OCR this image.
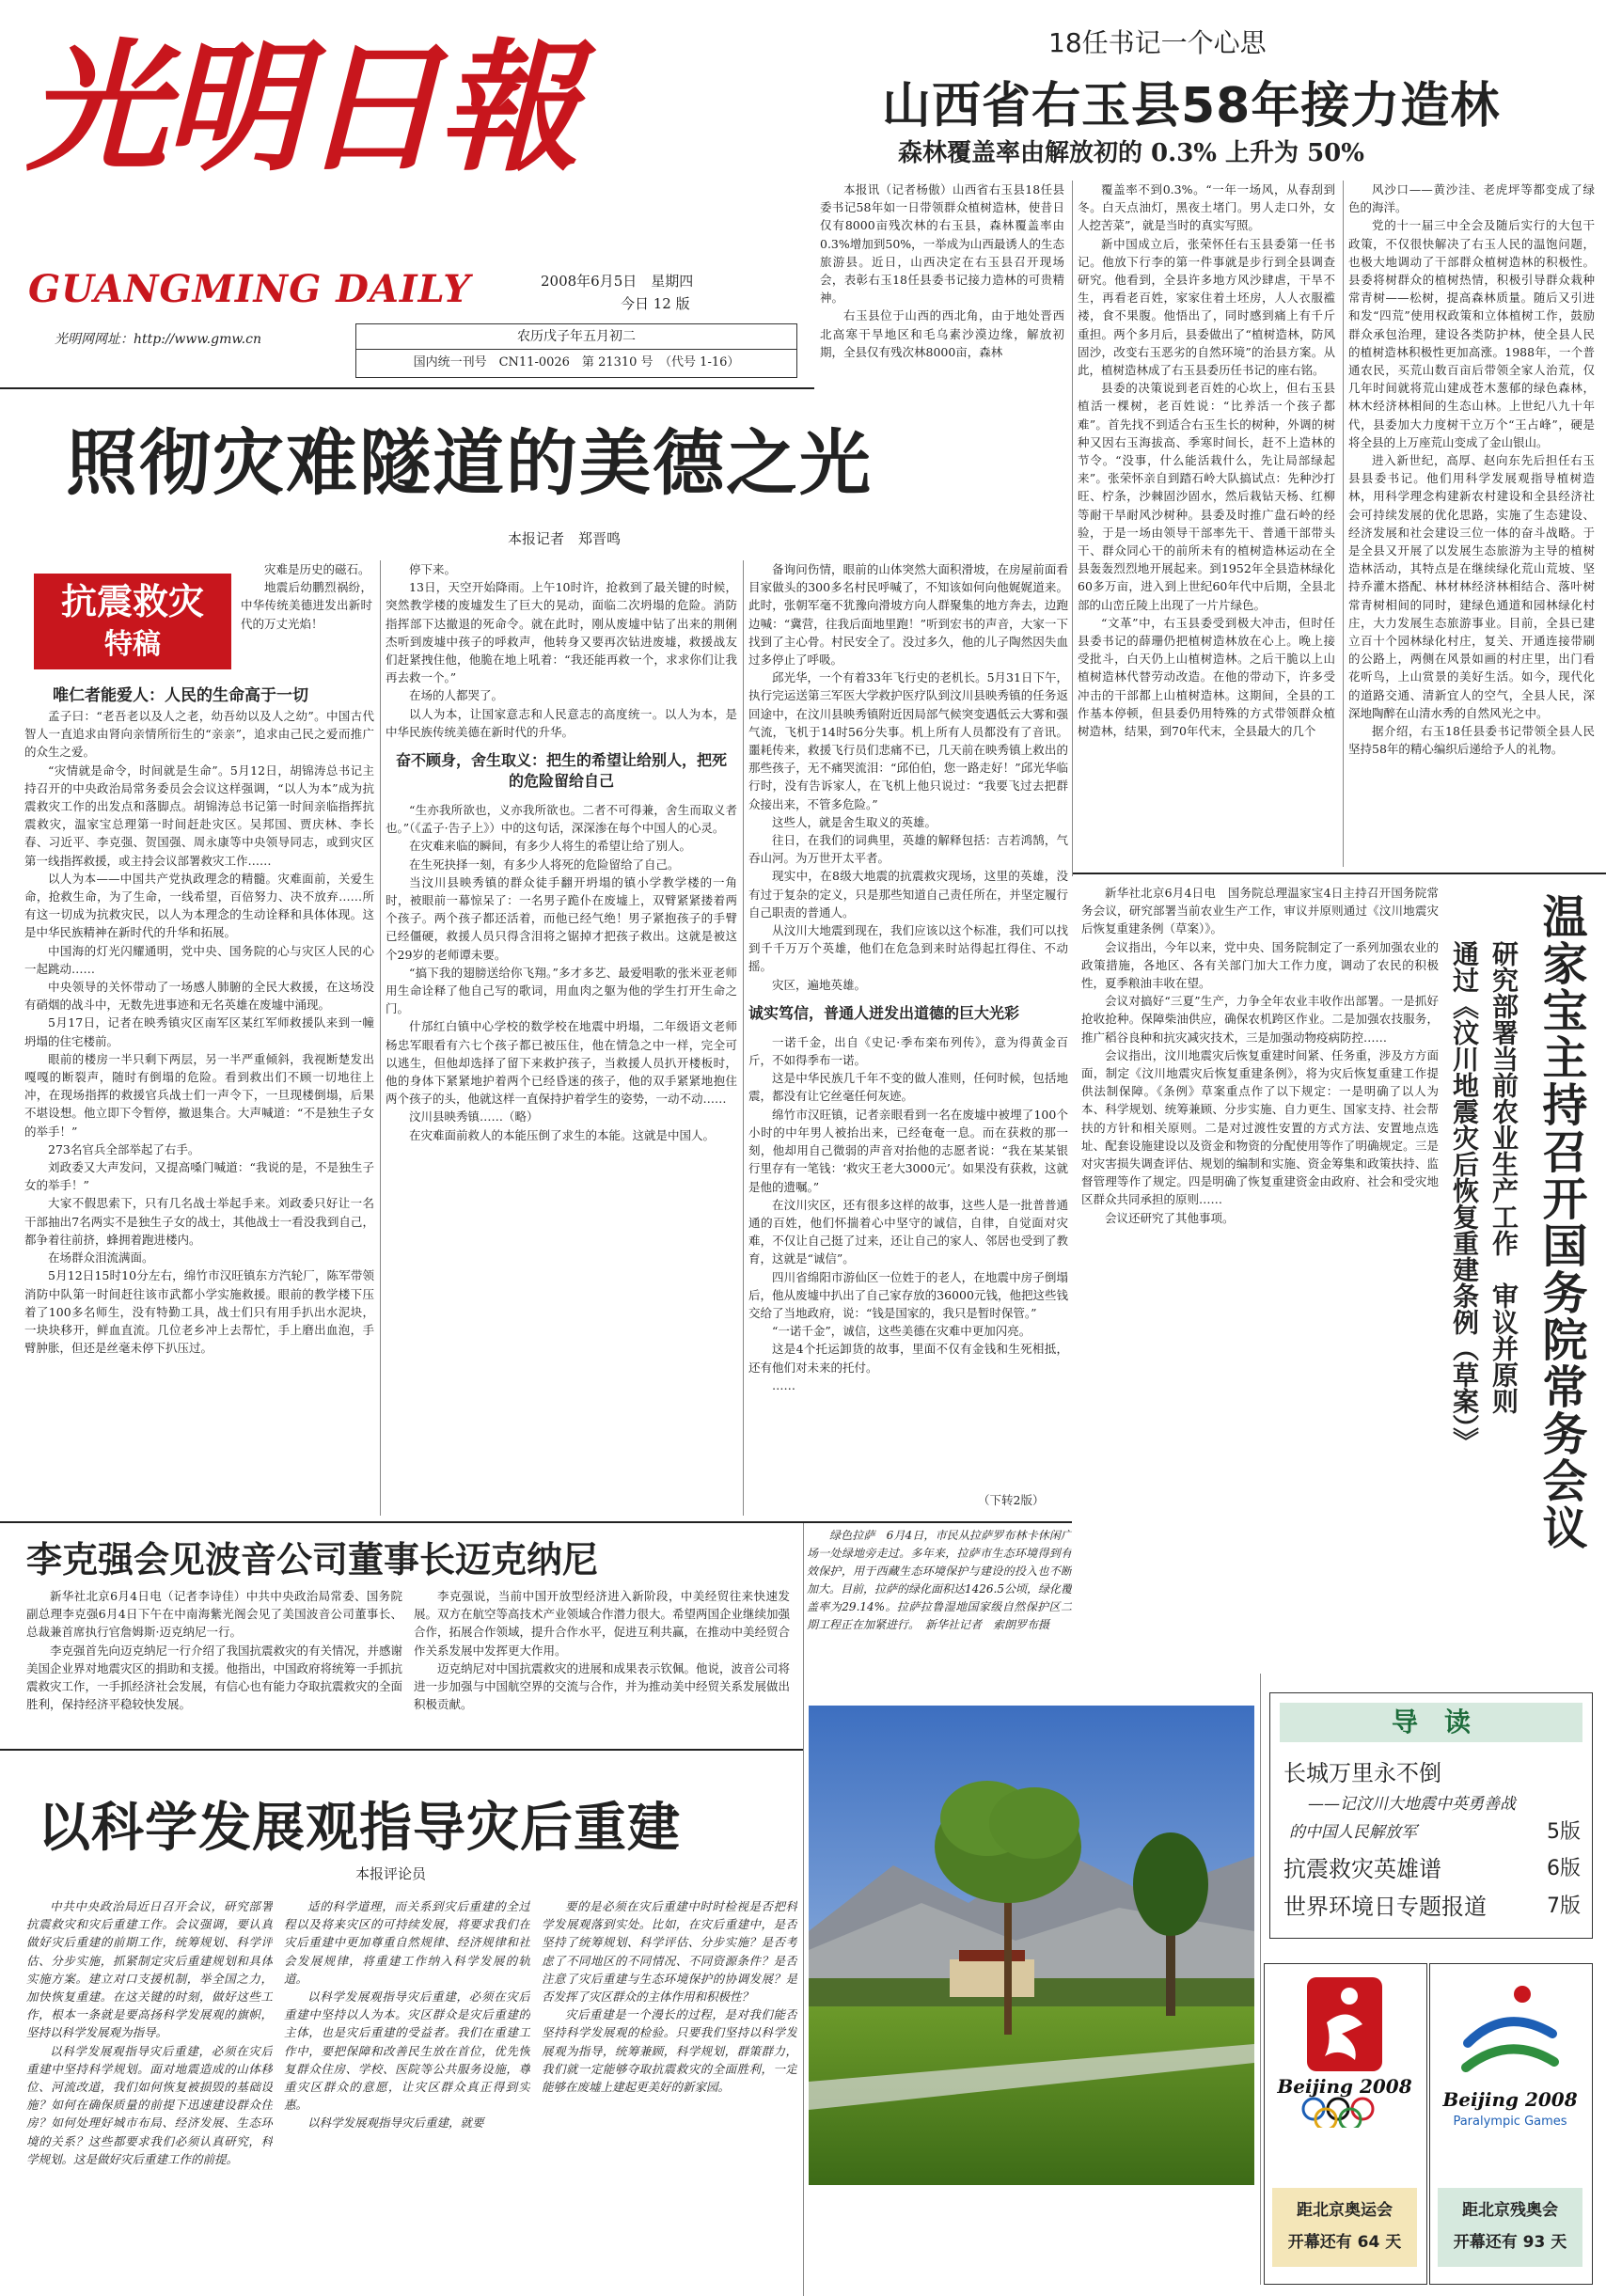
光明日報
GUANGMING DAILY	2008年6月5日　星期四
今日 12 版
光明网网址：http://www.gmw.cn	农历戊子年五月初二
国内统一刊号　CN11-0026　第 21310 号　（代号 1-16）
18任书记一个心思
山西省右玉县58年接力造林
森林覆盖率由解放初的 0.3% 上升为 50%

本报讯（记者杨傲）山西省右玉县18任县委书记58年如一日带领群众植树造林，使昔日仅有8000亩残次林的右玉县，森林覆盖率由0.3%增加到50%，一举成为山西最诱人的生态旅游县。近日，山西决定在右玉县召开现场会，表彰右玉18任县委书记接力造林的可贵精神。

右玉县位于山西的西北角，由于地处晋西北高寒干旱地区和毛乌素沙漠边缘，解放初期，全县仅有残次林8000亩，森林

覆盖率不到0.3%。“一年一场风，从春刮到冬。白天点油灯，黑夜土堵门。男人走口外，女人挖苦菜”，就是当时的真实写照。

新中国成立后，张荣怀任右玉县委第一任书记。他放下行李的第一件事就是步行到全县调查研究。他看到，全县许多地方风沙肆虐，干旱不生，再看老百姓，家家住着土坯房，人人衣服褴褛，食不果腹。他悟出了，同时感到痛上有千斤重担。两个多月后，县委做出了“植树造林，防风固沙，改变右玉恶劣的自然环境”的治县方案。从此，植树造林成了右玉县委历任书记的座右铭。

县委的决策说到老百姓的心坎上，但右玉县植活一棵树，老百姓说：“比养活一个孩子都难”。首先找不到适合右玉生长的树种，外调的树种又因右玉海拔高、季寒时间长，赶不上造林的节令。“没事，什么能活栽什么，先让局部绿起来”。张荣怀亲自到踏石岭大队搞试点：先种沙打旺、柠条，沙棘固沙固水，然后栽钻天杨、红柳等耐干旱耐风沙树种。县委及时推广盘石岭的经验，于是一场由领导干部率先干、普通干部带头干、群众同心干的前所未有的植树造林运动在全县轰轰烈烈地开展起来。到1952年全县造林绿化60多万亩，进入到上世纪60年代中后期，全县北部的山峦丘陵上出现了一片片绿色。

“文革”中，右玉县委受到极大冲击，但时任县委书记的薛珊仍把植树造林放在心上。晚上接受批斗，白天仍上山植树造林。之后干脆以上山植树造林代替劳动改造。在他的带动下，许多受冲击的干部都上山植树造林。这期间，全县的工作基本停顿，但县委仍用特殊的方式带领群众植树造林，结果，到70年代末，全县最大的几个

风沙口——黄沙洼、老虎坪等都变成了绿色的海洋。

党的十一届三中全会及随后实行的大包干政策，不仅很快解决了右玉人民的温饱问题，也极大地调动了干部群众植树造林的积极性。县委将树群众的植树热情，积极引导群众栽种常青树——松树，提高森林质量。随后又引进和发“四荒”使用权政策和立体植树工作，鼓励群众承包治理，建设各类防护林，使全县人民的植树造林积极性更加高涨。1988年，一个普通农民，买荒山数百亩后带领全家人治荒，仅几年时间就将荒山建成苍木葱郁的绿色森林，林木经济林相间的生态山林。上世纪八九十年代，县委加大力度树干立万个“王占峰”，硬是将全县的上万座荒山变成了金山银山。

进入新世纪，高厚、赵向东先后担任右玉县县委书记。他们用科学发展观指导植树造林，用科学理念构建新农村建设和全县经济社会可持续发展的优化思路，实施了生态建设、经济发展和社会建设三位一体的奋斗战略。于是全县又开展了以发展生态旅游为主导的植树造林活动，其特点是在继续绿化荒山荒坡、坚持乔灌木搭配、林材林经济林相结合、落叶树常青树相间的同时，建绿色通道和园林绿化村庄，大力发展生态旅游事业。目前，全县已建立百十个园林绿化村庄，复关、开通连接带刷的公路上，两侧在风景如画的村庄里，出门看花听鸟，上山赏景的美好生活。如今，现代化的道路交通、清新宜人的空气，全县人民，深深地陶醉在山清水秀的自然风光之中。

据介绍，右玉18任县委书记带领全县人民坚持58年的精心编织后递给予人的礼物。

照彻灾难隧道的美德之光
本报记者　郑晋鸣
抗震救灾
特稿

灾难是历史的磁石。

地震后幼鹏烈祸纷，中华传统美德进发出新时代的万丈光焰！

唯仁者能爱人：人民的生命高于一切

孟子曰：“老吾老以及人之老，幼吾幼以及人之幼”。中国古代智人一直追求由肾向亲情所衍生的“亲亲”，追求由己民之爱而推广的众生之爱。

“灾情就是命令，时间就是生命”。5月12日，胡锦涛总书记主持召开的中央政治局常务委员会会议这样强调，“以人为本”成为抗震救灾工作的出发点和落脚点。胡锦涛总书记第一时间亲临指挥抗震救灾，温家宝总理第一时间赶赴灾区。吴邦国、贾庆林、李长春、习近平、李克强、贺国强、周永康等中央领导同志，或到灾区第一线指挥救援，或主持会议部署救灾工作……

以人为本——中国共产党执政理念的精髓。灾难面前，关爱生命，抢救生命，为了生命，一线希望，百倍努力、决不放弃……所有这一切成为抗救灾民，以人为本理念的生动诠释和具体体现。这是中华民族精神在新时代的升华和拓展。

中国海的灯光闪耀通明，党中央、国务院的心与灾区人民的心一起跳动……

中央领导的关怀带动了一场感人肺腑的全民大救援，在这场没有硝烟的战斗中，无数先进事迹和无名英雄在废墟中涌现。

5月17日，记者在映秀镇灾区南军区某红军师救援队来到一幢坍塌的住宅楼前。

眼前的楼房一半只剩下两层，另一半严重倾斜，我视断楚发出嘎嘎的断裂声，随时有倒塌的危险。看到救出们不顾一切地往上冲，在现场指挥的救援官兵战士们一声令下，一旦现楼倒塌，后果不堪设想。他立即下令暂停，撤退集合。大声喊道：“不是独生子女的举手！”

273名官兵全部举起了右手。

刘政委又大声发问，又提高嗓门喊道：“我说的是，不是独生子女的举手！”

大家不假思索下，只有几名战士举起手来。刘政委只好让一名干部抽出7名两实不是独生子女的战士，其他战士一看没我到自己，都争着往前挤，蜂拥着跑进楼内。

在场群众泪流满面。

5月12日15时10分左右，绵竹市汉旺镇东方汽轮厂，陈军带领消防中队第一时间赶往该市武都小学实施救援。眼前的教学楼下压着了100多名师生，没有特勤工具，战士们只有用手扒出水泥块，一块块移开，鲜血直流。几位老乡冲上去帮忙，手上磨出血泡，手臂肿胀，但还是丝毫未停下扒压过。

停下来。

13日，天空开始降雨。上午10时许，抢救到了最关键的时候，突然教学楼的废墟发生了巨大的晃动，面临二次坍塌的危险。消防指挥部下达撤退的死命令。就在此时，刚从废墟中钻了出来的荆俐杰听到废墟中孩子的呼救声，他转身又要再次钻进废墟，救援战友们赶紧拽住他，他脆在地上吼着：“我还能再救一个，求求你们让我再去救一个。”

在场的人都哭了。

以人为本，让国家意志和人民意志的高度统一。以人为本，是中华民族传统美德在新时代的升华。

奋不顾身，舍生取义：把生的希望让给别人，把死的危险留给自己

“生亦我所欲也，义亦我所欲也。二者不可得兼，舍生而取义者也。”（《孟子·告子上》）中的这句话，深深渗在每个中国人的心灵。

在灾难来临的瞬间，有多少人将生的希望让给了别人。

在生死抉择一刻，有多少人将死的危险留给了自己。

当汶川县映秀镇的群众徒手翻开坍塌的镇小学教学楼的一角时，被眼前一幕惊呆了：一名男子跪仆在废墟上，双臂紧紧搂着两个孩子。两个孩子都还活着，而他已经气绝！男子紧抱孩子的手臂已经僵硬，救援人员只得含泪将之锯掉才把孩子救出。这就是被这个29岁的老师谭未要。

“搞下我的翅膀送给你飞翔。”多才多艺、最爱唱歌的张米亚老师用生命诠释了他自己写的歌词，用血肉之躯为他的学生打开生命之门。

什邡红白镇中心学校的数学校在地震中坍塌，二年级语文老师杨忠军眼看有六七个孩子都已被压住，他在情急之中一样，完全可以逃生，但他却选择了留下来救护孩子，当救援人员扒开楼板时，他的身体下紧紧地护着两个已经昏迷的孩子，他的双手紧紧地抱住两个孩子的头，他就这样一直保持护着学生的姿势，一动不动……

汶川县映秀镇……（略）

在灾难面前救人的本能压倒了求生的本能。这就是中国人。

备询问伤情，眼前的山体突然大面积滑坡，在房屋前面看目家做头的300多名村民呼喊了，不知该如何向他娓娓道来。此时，张朝军毫不犹豫向滑坡方向人群聚集的地方奔去，边跑边喊：“冀营，往我后面地里跑！”听到宏书的声音，大家一下找到了主心骨。村民安全了。没过多久，他的儿子陶然因失血过多停止了呼吸。

邱光华，一个有着33年飞行史的老机长。5月31日下午，执行完运送第三军医大学救护医疗队到汶川县映秀镇的任务返回途中，在汶川县映秀镇附近因局部气候突变遇低云大雾和强气流，飞机于14时56分失事。机上所有人员都没有了音讯。噩耗传来，救援飞行员们悲痛不已，几天前在映秀镇上救出的那些孩子，无不痛哭流泪：“邱伯伯，您一路走好！”邱光华临行时，没有告诉家人，在飞机上他只说过：“我要飞过去把群众接出来，不管多危险。”

这些人，就是舍生取义的英雄。

往日，在我们的词典里，英雄的解释包括：吉若鸿鹄，气吞山河。为万世开太平者。

现实中，在8级大地震的抗震救灾现场，这里的英雄，没有过于复杂的定义，只是那些知道自己责任所在，并坚定履行自己职责的普通人。

从汶川大地震到现在，我们应该以这个标准，我们可以找到千千万万个英雄，他们在危急到来时站得起扛得住、不动摇。

灾区，遍地英雄。

诚实笃信，普通人迸发出道德的巨大光彩

一诺千金，出自《史记·季布栾布列传》，意为得黄金百斤，不如得季布一诺。

这是中华民族几千年不变的做人准则，任何时候，包括地震，都没有让它丝毫任何灰迹。

绵竹市汉旺镇，记者亲眼看到一名在废墟中被埋了100个小时的中年男人被抬出来，已经奄奄一息。而在获救的那一刻，他却用自己微弱的声音对抬他的志愿者说：“我在某某银行里存有一笔钱：‘救灾王老大3000元’。如果没有获救，这就是他的遗嘱。”

在汶川灾区，还有很多这样的故事，这些人是一批普普通通的百姓，他们怀揣着心中坚守的诚信，自律，自觉面对灾难，不仅让自己挺了过来，还让自己的家人、邻居也受到了教育，这就是“诚信”。

四川省绵阳市游仙区一位姓于的老人，在地震中房子倒塌后，他从废墟中扒出了自己家存放的36000元钱，他把这些钱交给了当地政府，说：“钱是国家的，我只是暂时保管。”

“一诺千金”，诚信，这些美德在灾难中更加闪亮。

这是4个托运卸货的故事，里面不仅有金钱和生死相抵，还有他们对未来的托付。

……

（下转2版）	温家宝主持召开国务院常务会议
研究部署当前农业生产工作　审议并原则
通过《汶川地震灾后恢复重建条例（草案）》

新华社北京6月4日电　国务院总理温家宝4日主持召开国务院常务会议，研究部署当前农业生产工作，审议并原则通过《汶川地震灾后恢复重建条例（草案）》。

会议指出，今年以来，党中央、国务院制定了一系列加强农业的政策措施，各地区、各有关部门加大工作力度，调动了农民的积极性，夏季粮油丰收在望。

会议对搞好“三夏”生产，力争全年农业丰收作出部署。一是抓好抢收抢种。保障柴油供应，确保农机跨区作业。二是加强农技服务，推广稻谷良种和抗灾减灾技术，三是加强动物疫病防控……

会议指出，汶川地震灾后恢复重建时间紧、任务重，涉及方方面面，制定《汶川地震灾后恢复重建条例》，将为灾后恢复重建工作提供法制保障。《条例》草案重点作了以下规定：一是明确了以人为本、科学规划、统筹兼顾、分步实施、自力更生、国家支持、社会帮扶的方针和相关原则。二是对过渡性安置的方式方法、安置地点选址、配套设施建设以及资金和物资的分配使用等作了明确规定。三是对灾害损失调查评估、规划的编制和实施、资金筹集和政策扶持、监督管理等作了规定。四是明确了恢复重建资金由政府、社会和受灾地区群众共同承担的原则……

会议还研究了其他事项。

李克强会见波音公司董事长迈克纳尼

新华社北京6月4日电（记者李诗佳）中共中央政治局常委、国务院副总理李克强6月4日下午在中南海紫光阁会见了美国波音公司董事长、总裁兼首席执行官詹姆斯·迈克纳尼一行。

李克强首先向迈克纳尼一行介绍了我国抗震救灾的有关情况，并感谢美国企业界对地震灾区的捐助和支援。他指出，中国政府将统筹一手抓抗震救灾工作，一手抓经济社会发展，有信心也有能力夺取抗震救灾的全面胜利，保持经济平稳较快发展。

李克强说，当前中国开放型经济进入新阶段，中美经贸往来快速发展。双方在航空等高技术产业领域合作潜力很大。希望两国企业继续加强合作，拓展合作领域，提升合作水平，促进互利共赢，在推动中美经贸合作关系发展中发挥更大作用。

迈克纳尼对中国抗震救灾的进展和成果表示钦佩。他说，波音公司将进一步加强与中国航空界的交流与合作，并为推动美中经贸关系发展做出积极贡献。

绿色拉萨　6月4日，市民从拉萨罗布林卡休闲广场一处绿地旁走过。多年来，拉萨市生态环境得到有效保护，用于西藏生态环境保护与建设的投入也不断加大。目前，拉萨的绿化面积达1426.5公顷，绿化覆盖率为29.14%。拉萨拉鲁湿地国家级自然保护区二期工程正在加紧进行。　新华社记者　索朗罗布摄

以科学发展观指导灾后重建
本报评论员

中共中央政治局近日召开会议，研究部署抗震救灾和灾后重建工作。会议强调，要认真做好灾后重建的前期工作，统筹规划、科学评估、分步实施，抓紧制定灾后重建规划和具体实施方案。建立对口支援机制，举全国之力，加快恢复重建。在这关键的时刻，做好这些工作，根本一条就是要高扬科学发展观的旗帜，坚持以科学发展观为指导。

以科学发展观指导灾后重建，必须在灾后重建中坚持科学规划。面对地震造成的山体移位、河流改道，我们如何恢复被损毁的基础设施？如何在确保质量的前提下迅速建设群众住房？如何处理好城市布局、经济发展、生态环境的关系？这些都要求我们必须认真研究，科学规划。这是做好灾后重建工作的前提。

适的科学道理，而关系到灾后重建的全过程以及将来灾区的可持续发展，将要求我们在灾后重建中更加尊重自然规律、经济规律和社会发展规律，将重建工作纳入科学发展的轨道。

以科学发展观指导灾后重建，必须在灾后重建中坚持以人为本。灾区群众是灾后重建的主体，也是灾后重建的受益者。我们在重建工作中，要把保障和改善民生放在首位，优先恢复群众住房、学校、医院等公共服务设施，尊重灾区群众的意愿，让灾区群众真正得到实惠。

以科学发展观指导灾后重建，就要

要的是必须在灾后重建中时时检视是否把科学发展观落到实处。比如，在灾后重建中，是否坚持了统筹规划、科学评估、分步实施？是否考虑了不同地区的不同情况、不同资源条件？是否注意了灾后重建与生态环境保护的协调发展？是否发挥了灾区群众的主体作用和积极性？

灾后重建是一个漫长的过程，是对我们能否坚持科学发展观的检验。只要我们坚持以科学发展观为指导，统筹兼顾，科学规划，群策群力，我们就一定能够夺取抗震救灾的全面胜利，一定能够在废墟上建起更美好的新家园。

导　读
长城万里永不倒
——记汶川大地震中英勇善战
的中国人民解放军	5版
抗震救灾英雄谱	6版
世界环境日专题报道	7版
Beijing 2008
距北京奥运会
开幕还有 64 天
Beijing 2008
Paralympic Games
距北京残奥会
开幕还有 93 天
